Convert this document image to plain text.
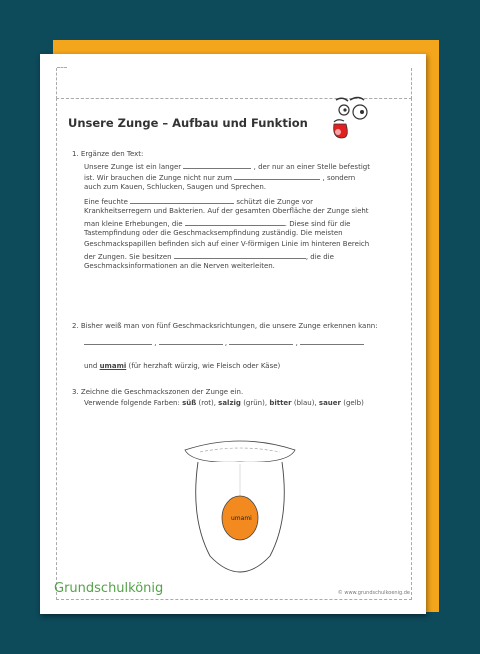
Unsere Zunge – Aufbau und Funktion
1. Ergänze den Text:
Unsere Zunge ist ein langer	, der nur an einer Stelle befestigt
ist. Wir brauchen die Zunge nicht nur zum	, sondern
auch zum Kauen, Schlucken, Saugen und Sprechen.
Eine feuchte	schützt die Zunge vor
Krankheitserregern und Bakterien. Auf der gesamten Oberfläche der Zunge sieht
man kleine Erhebungen, die	. Diese sind für die
Tastempfindung oder die Geschmacksempfindung zuständig. Die meisten
Geschmackspapillen befinden sich auf einer V-förmigen Linie im hinteren Bereich
der Zungen. Sie besitzen	, die die
Geschmacksinformationen an die Nerven weiterleiten.
2. Bisher weiß man von fünf Geschmacksrichtungen, die unsere Zunge erkennen kann:
,	,	,
und umami (für herzhaft würzig, wie Fleisch oder Käse)
3. Zeichne die Geschmackszonen der Zunge ein.
Verwende folgende Farben: süß (rot), salzig (grün), bitter (blau), sauer (gelb)
umami
Grundschulkönig	© www.grundschulkoenig.de
